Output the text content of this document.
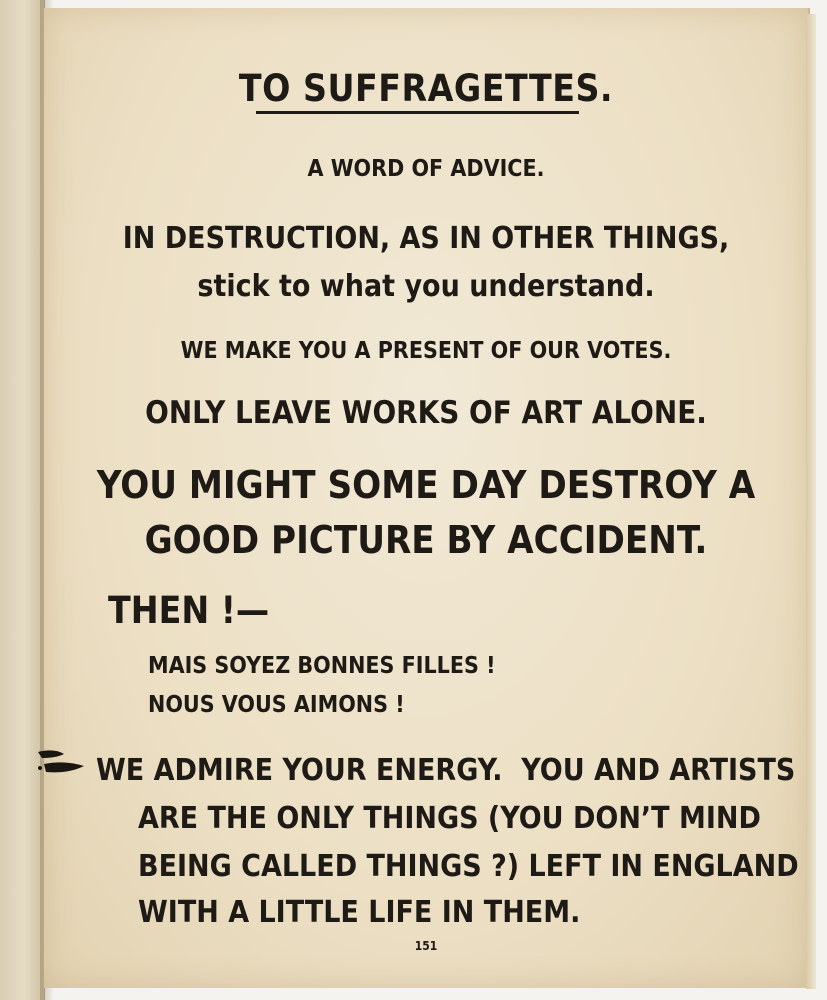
TO SUFFRAGETTES.
A WORD OF ADVICE.
IN DESTRUCTION, AS IN OTHER THINGS,
stick to what you understand.
WE MAKE YOU A PRESENT OF OUR VOTES.
ONLY LEAVE WORKS OF ART ALONE.
YOU MIGHT SOME DAY DESTROY A
GOOD PICTURE BY ACCIDENT.
THEN !—
MAIS SOYEZ BONNES FILLES !
NOUS VOUS AIMONS !
WE ADMIRE YOUR ENERGY.  YOU AND ARTISTS
ARE THE ONLY THINGS (YOU DON’T MIND
BEING CALLED THINGS ?) LEFT IN ENGLAND
WITH A LITTLE LIFE IN THEM.
151
